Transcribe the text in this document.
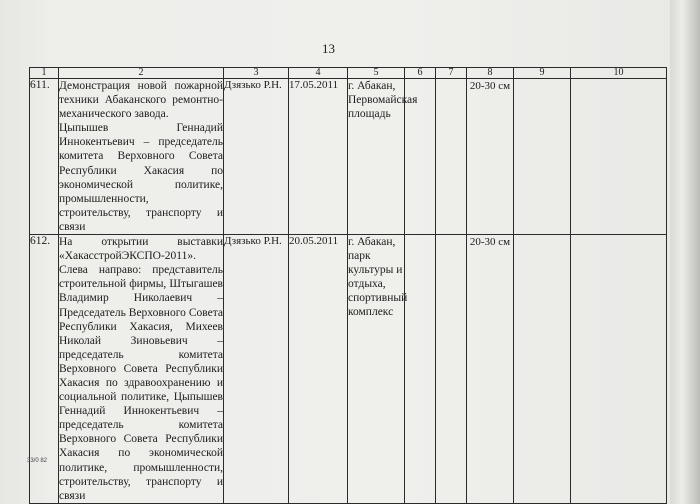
13
1	2	3	4	5	6	7	8	9	10
611.	Демонстрация новой пожарной техники Абаканского ремонтно-механического завода.

Цыпышев Геннадий Иннокентьевич – председатель комитета Верховного Совета Республики Хакасия по экономической политике, промышленности, строительству, транспорту и связи	Дзязько Р.Н.	17.05.2011	г. Абакан, Первомайская площадь			20-30 см		
612.	На открытии выставки «ХакасстройЭКСПО-2011».

Слева направо: представитель строительной фирмы, Штыгашев Владимир Николаевич – Председатель Верховного Совета Республики Хакасия, Михеев Николай Зиновьевич – председатель комитета Верховного Совета Республики Хакасия по здравоохранению и социальной политике, Цыпышев Геннадий Иннокентьевич – председатель комитета Верховного Совета Республики Хакасия по экономической политике, промышленности, строительству, транспорту и связи	Дзязько Р.Н.	20.05.2011	г. Абакан, парк культуры и отдыха, спортивный комплекс			20-30 см		
33/0 82
